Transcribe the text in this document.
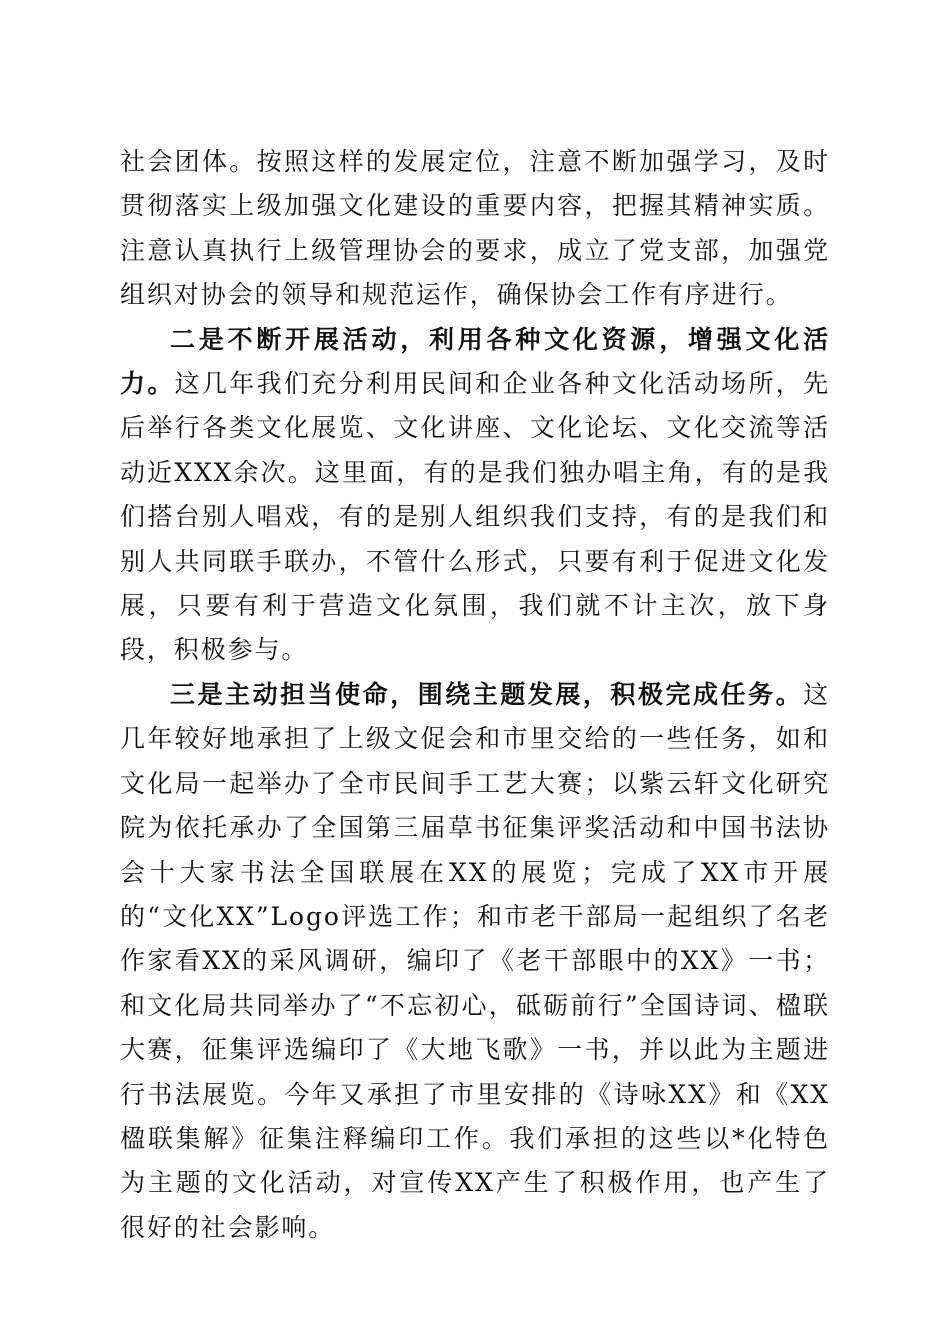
社会团体。按照这样的发展定位，注意不断加强学习，及时贯彻落实上级加强文化建设的重要内容，把握其精神实质。注意认真执行上级管理协会的要求，成立了党支部，加强党组织对协会的领导和规范运作，确保协会工作有序进行。

二是不断开展活动，利用各种文化资源，增强文化活力。这几年我们充分利用民间和企业各种文化活动场所，先后举行各类文化展览、文化讲座、文化论坛、文化交流等活动近XXX余次。这里面，有的是我们独办唱主角，有的是我们搭台别人唱戏，有的是别人组织我们支持，有的是我们和别人共同联手联办，不管什么形式，只要有利于促进文化发展，只要有利于营造文化氛围，我们就不计主次，放下身段，积极参与。

三是主动担当使命，围绕主题发展，积极完成任务。这几年较好地承担了上级文促会和市里交给的一些任务，如和文化局一起举办了全市民间手工艺大赛；以紫云轩文化研究院为依托承办了全国第三届草书征集评奖活动和中国书法协会十大家书法全国联展在XX的展览；完成了XX市开展的“文化XX”Logo评选工作；和市老干部局一起组织了名老作家看XX的采风调研，编印了《老干部眼中的XX》一书；和文化局共同举办了“不忘初心，砥砺前行”全国诗词、楹联大赛，征集评选编印了《大地飞歌》一书，并以此为主题进行书法展览。今年又承担了市里安排的《诗咏XX》和《XX楹联集解》征集注释编印工作。我们承担的这些以*化特色为主题的文化活动，对宣传XX产生了积极作用，也产生了很好的社会影响。
